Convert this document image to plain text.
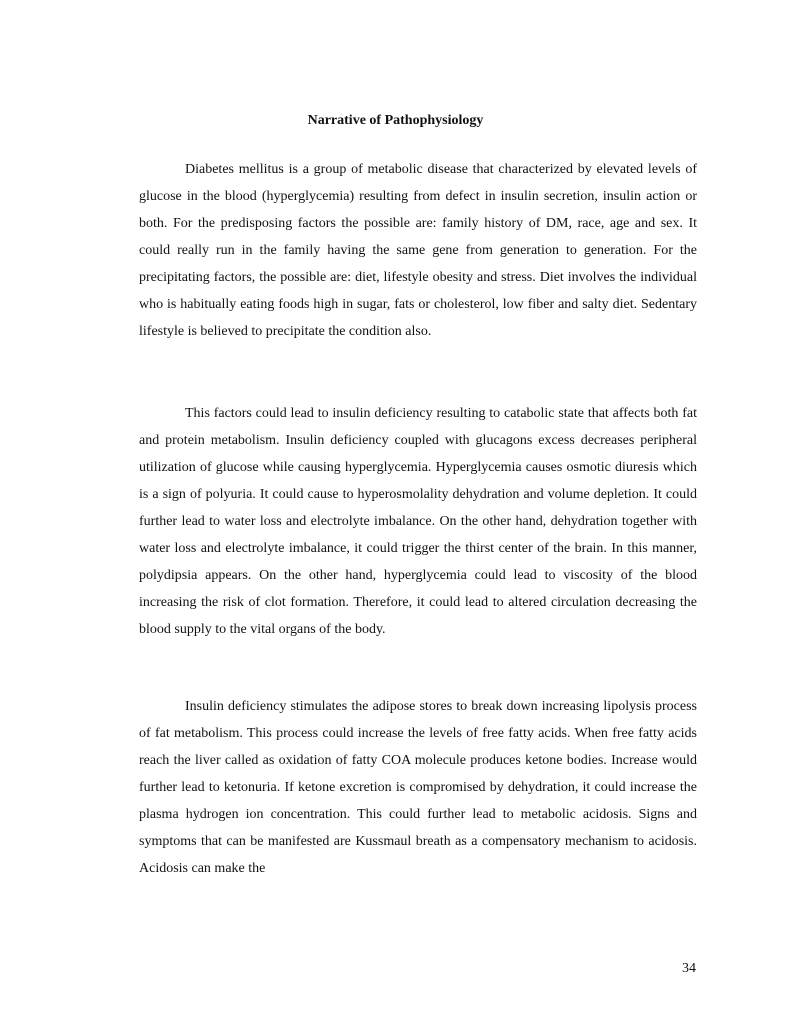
Narrative of Pathophysiology

Diabetes mellitus is a group of metabolic disease that characterized by elevated levels of glucose in the blood (hyperglycemia) resulting from defect in insulin secretion, insulin action or both. For the predisposing factors the possible are: family history of DM, race, age and sex. It could really run in the family having the same gene from generation to generation. For the precipitating factors, the possible are: diet, lifestyle obesity and stress. Diet involves the individual who is habitually eating foods high in sugar, fats or cholesterol, low fiber and salty diet. Sedentary lifestyle is believed to precipitate the condition also.

This factors could lead to insulin deficiency resulting to catabolic state that affects both fat and protein metabolism. Insulin deficiency coupled with glucagons excess decreases peripheral utilization of glucose while causing hyperglycemia. Hyperglycemia causes osmotic diuresis which is a sign of polyuria. It could cause to hyperosmolality dehydration and volume depletion. It could further lead to water loss and electrolyte imbalance. On the other hand, dehydration together with water loss and electrolyte imbalance, it could trigger the thirst center of the brain. In this manner, polydipsia appears. On the other hand, hyperglycemia could lead to viscosity of the blood increasing the risk of clot formation. Therefore, it could lead to altered circulation decreasing the blood supply to the vital organs of the body.

Insulin deficiency stimulates the adipose stores to break down increasing lipolysis process of fat metabolism. This process could increase the levels of free fatty acids. When free fatty acids reach the liver called as oxidation of fatty COA molecule produces ketone bodies. Increase would further lead to ketonuria. If ketone excretion is compromised by dehydration, it could increase the plasma hydrogen ion concentration. This could further lead to metabolic acidosis. Signs and symptoms that can be manifested are Kussmaul breath as a compensatory mechanism to acidosis. Acidosis can make the

34
